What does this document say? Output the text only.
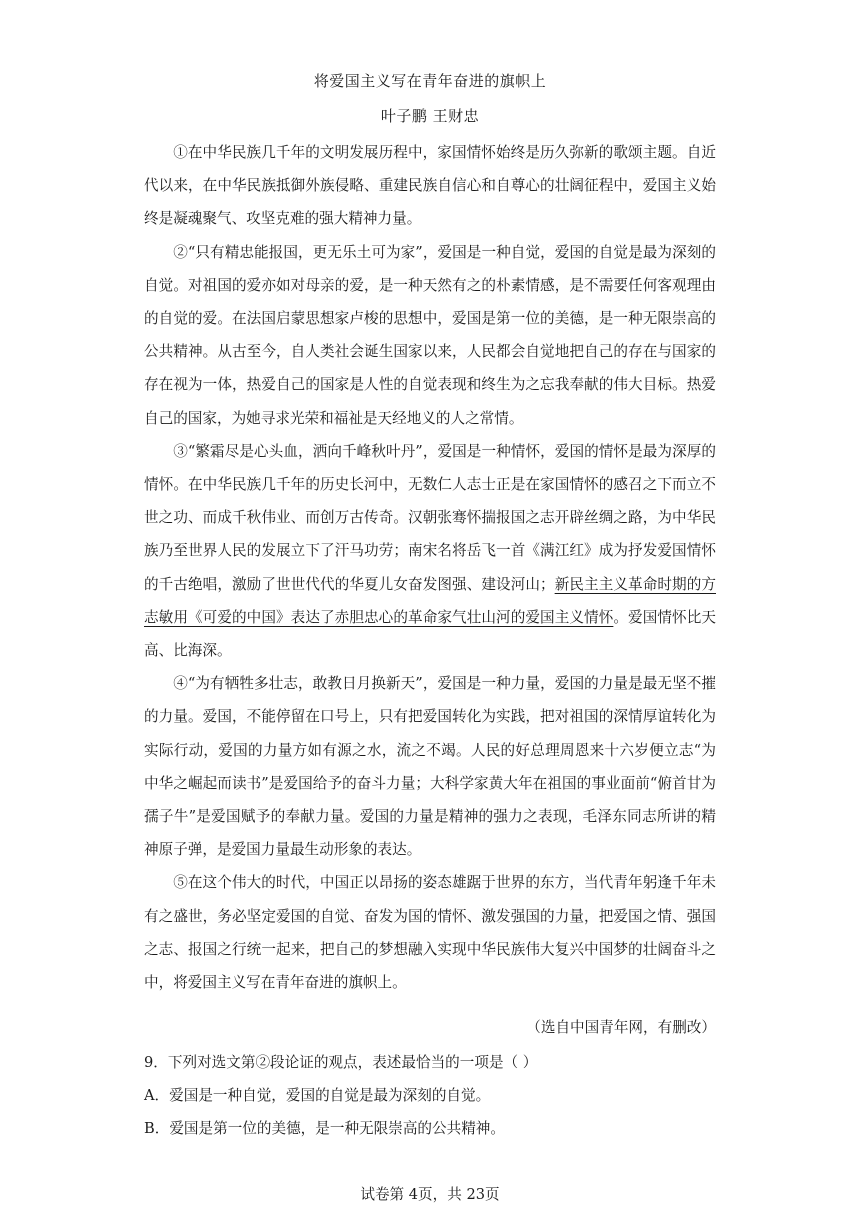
将爱国主义写在青年奋进的旗帜上
叶子鹏 王财忠

①在中华民族几千年的文明发展历程中，家国情怀始终是历久弥新的歌颂主题。自近代以来，在中华民族抵御外族侵略、重建民族自信心和自尊心的壮阔征程中，爱国主义始终是凝魂聚气、攻坚克难的强大精神力量。

②“只有精忠能报国，更无乐土可为家”，爱国是一种自觉，爱国的自觉是最为深刻的自觉。对祖国的爱亦如对母亲的爱，是一种天然有之的朴素情感，是不需要任何客观理由的自觉的爱。在法国启蒙思想家卢梭的思想中，爱国是第一位的美德，是一种无限崇高的公共精神。从古至今，自人类社会诞生国家以来，人民都会自觉地把自己的存在与国家的存在视为一体，热爱自己的国家是人性的自觉表现和终生为之忘我奉献的伟大目标。热爱自己的国家，为她寻求光荣和福祉是天经地义的人之常情。

③“繁霜尽是心头血，洒向千峰秋叶丹”，爱国是一种情怀，爱国的情怀是最为深厚的情怀。在中华民族几千年的历史长河中，无数仁人志士正是在家国情怀的感召之下而立不世之功、而成千秋伟业、而创万古传奇。汉朝张骞怀揣报国之志开辟丝绸之路，为中华民族乃至世界人民的发展立下了汗马功劳；南宋名将岳飞一首《满江红》成为抒发爱国情怀的千古绝唱，激励了世世代代的华夏儿女奋发图强、建设河山；新民主主义革命时期的方志敏用《可爱的中国》表达了赤胆忠心的革命家气壮山河的爱国主义情怀。爱国情怀比天高、比海深。

④“为有牺牲多壮志，敢教日月换新天”，爱国是一种力量，爱国的力量是最无坚不摧的力量。爱国，不能停留在口号上，只有把爱国转化为实践，把对祖国的深情厚谊转化为实际行动，爱国的力量方如有源之水，流之不竭。人民的好总理周恩来十六岁便立志“为中华之崛起而读书”是爱国给予的奋斗力量；大科学家黄大年在祖国的事业面前“俯首甘为孺子牛”是爱国赋予的奉献力量。爱国的力量是精神的强力之表现，毛泽东同志所讲的精神原子弹，是爱国力量最生动形象的表达。

⑤在这个伟大的时代，中国正以昂扬的姿态雄踞于世界的东方，当代青年躬逢千年未有之盛世，务必坚定爱国的自觉、奋发为国的情怀、激发强国的力量，把爱国之情、强国之志、报国之行统一起来，把自己的梦想融入实现中华民族伟大复兴中国梦的壮阔奋斗之中，将爱国主义写在青年奋进的旗帜上。

（选自中国青年网，有删改）

9．下列对选文第②段论证的观点，表述最恰当的一项是（ ）

A．爱国是一种自觉，爱国的自觉是最为深刻的自觉。

B．爱国是第一位的美德，是一种无限崇高的公共精神。

试卷第 4页，共 23页
